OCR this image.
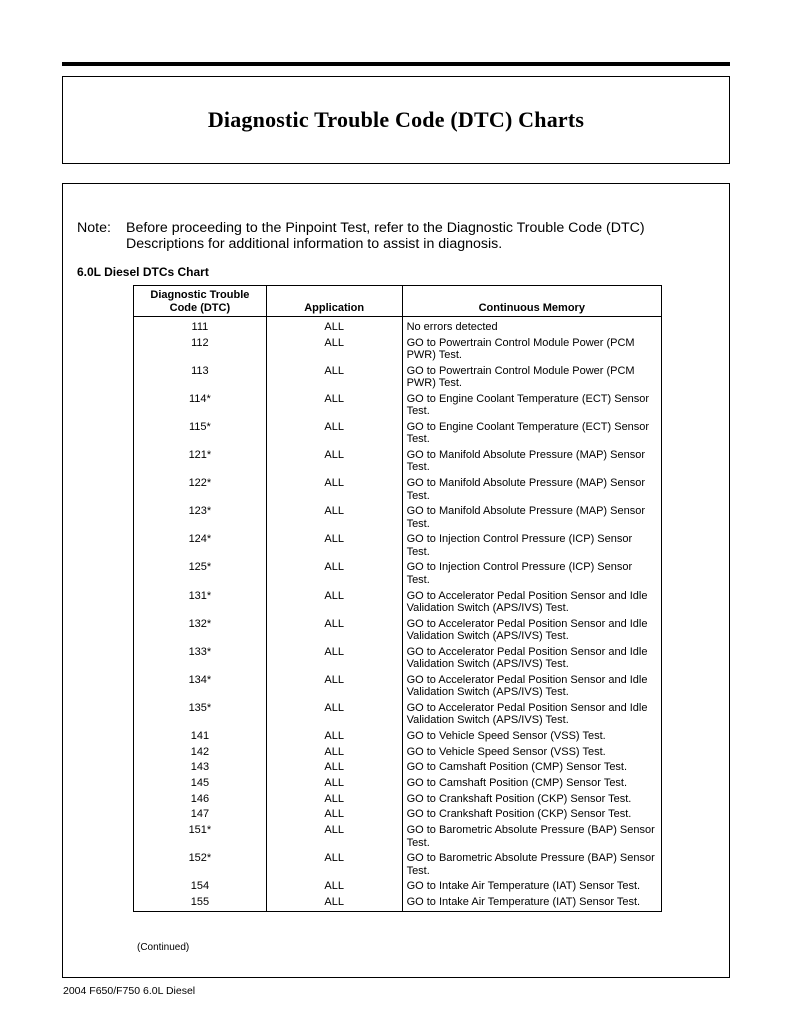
Diagnostic Trouble Code (DTC) Charts
Note:	Before proceeding to the Pinpoint Test, refer to the Diagnostic Trouble Code (DTC) Descriptions for additional information to assist in diagnosis.
6.0L Diesel DTCs Chart
Diagnostic Trouble Code (DTC)	Application	Continuous Memory
111	ALL	No errors detected
112	ALL	GO to Powertrain Control Module Power (PCM PWR) Test.
113	ALL	GO to Powertrain Control Module Power (PCM PWR) Test.
114*	ALL	GO to Engine Coolant Temperature (ECT) Sensor Test.
115*	ALL	GO to Engine Coolant Temperature (ECT) Sensor Test.
121*	ALL	GO to Manifold Absolute Pressure (MAP) Sensor Test.
122*	ALL	GO to Manifold Absolute Pressure (MAP) Sensor Test.
123*	ALL	GO to Manifold Absolute Pressure (MAP) Sensor Test.
124*	ALL	GO to Injection Control Pressure (ICP) Sensor Test.
125*	ALL	GO to Injection Control Pressure (ICP) Sensor Test.
131*	ALL	GO to Accelerator Pedal Position Sensor and Idle Validation Switch (APS/IVS) Test.
132*	ALL	GO to Accelerator Pedal Position Sensor and Idle Validation Switch (APS/IVS) Test.
133*	ALL	GO to Accelerator Pedal Position Sensor and Idle Validation Switch (APS/IVS) Test.
134*	ALL	GO to Accelerator Pedal Position Sensor and Idle Validation Switch (APS/IVS) Test.
135*	ALL	GO to Accelerator Pedal Position Sensor and Idle Validation Switch (APS/IVS) Test.
141	ALL	GO to Vehicle Speed Sensor (VSS) Test.
142	ALL	GO to Vehicle Speed Sensor (VSS) Test.
143	ALL	GO to Camshaft Position (CMP) Sensor Test.
145	ALL	GO to Camshaft Position (CMP) Sensor Test.
146	ALL	GO to Crankshaft Position (CKP) Sensor Test.
147	ALL	GO to Crankshaft Position (CKP) Sensor Test.
151*	ALL	GO to Barometric Absolute Pressure (BAP) Sensor Test.
152*	ALL	GO to Barometric Absolute Pressure (BAP) Sensor Test.
154	ALL	GO to Intake Air Temperature (IAT) Sensor Test.
155	ALL	GO to Intake Air Temperature (IAT) Sensor Test.
(Continued)
2004 F650/F750 6.0L Diesel
